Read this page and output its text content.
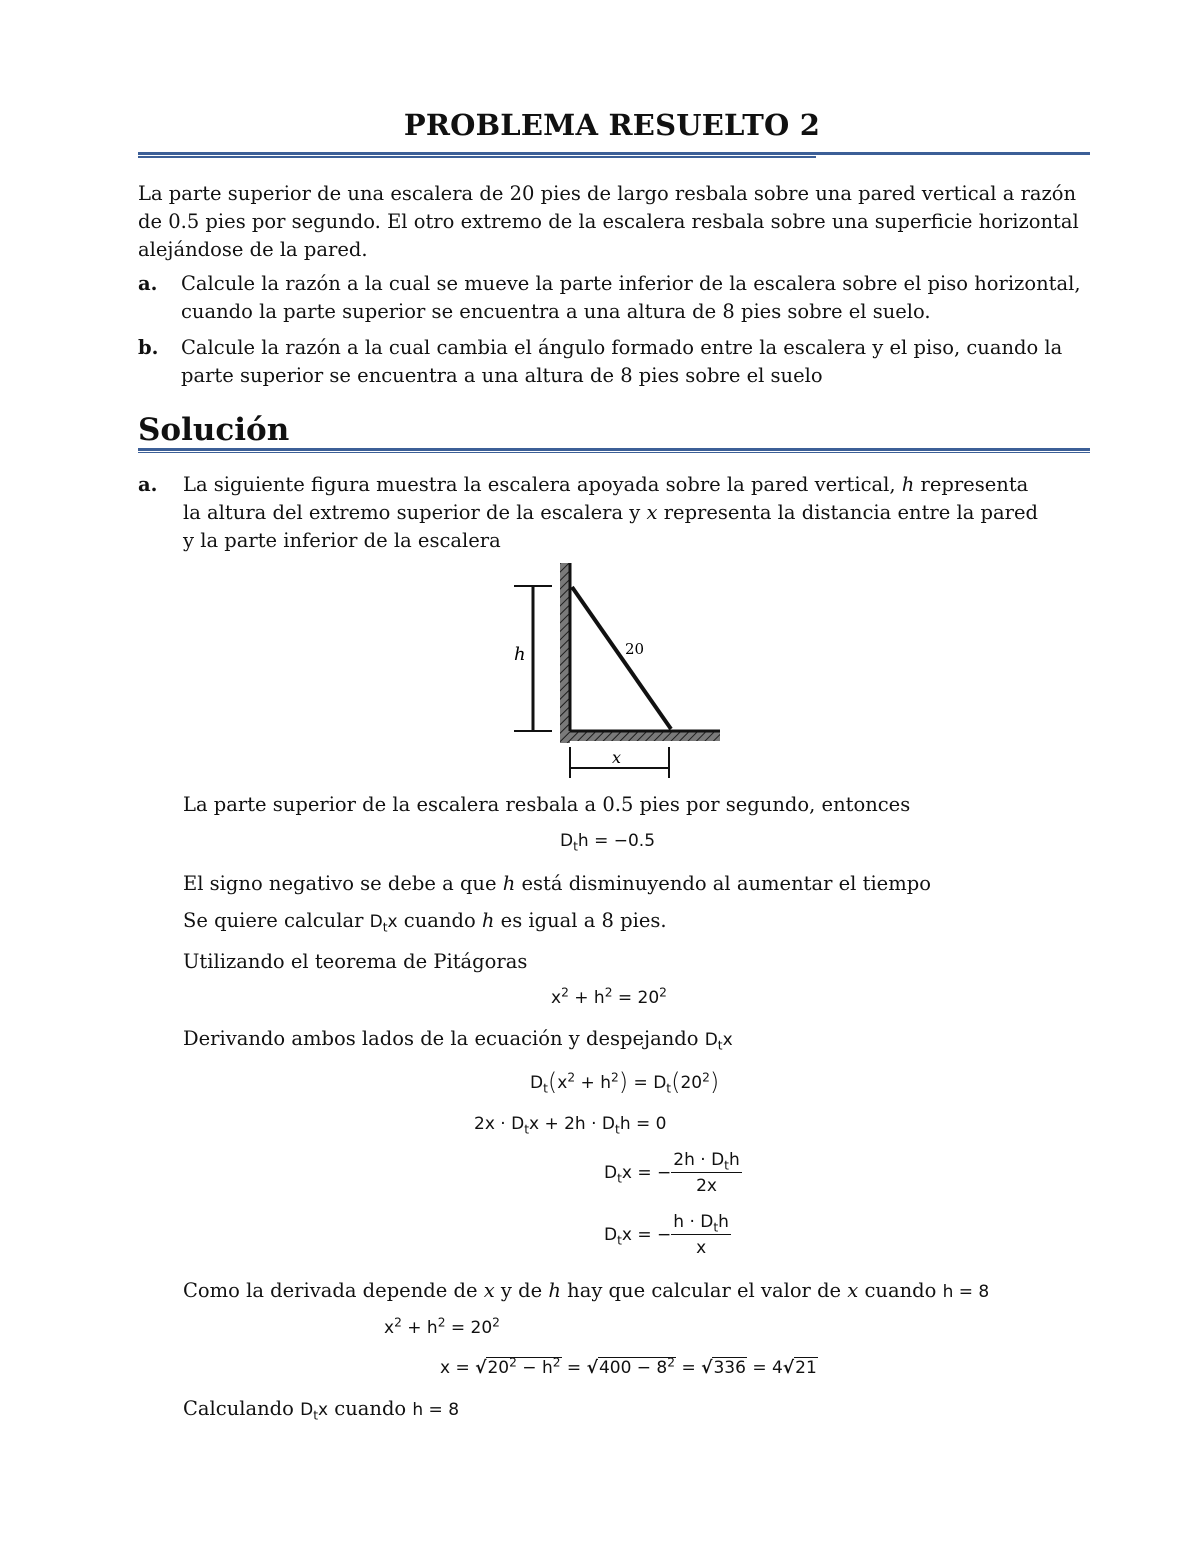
PROBLEMA RESUELTO 2
La parte superior de una escalera de 20 pies de largo resbala sobre una pared vertical a razón
de 0.5 pies por segundo. El otro extremo de la escalera resbala sobre una superficie horizontal
alejándose de la pared.
a. Calcule la razón a la cual se mueve la parte inferior de la escalera sobre el piso horizontal,
cuando la parte superior se encuentra a una altura de 8 pies sobre el suelo.
b. Calcule la razón a la cual cambia el ángulo formado entre la escalera y el piso, cuando la
parte superior se encuentra a una altura de 8 pies sobre el suelo
Solución
a. La siguiente figura muestra la escalera apoyada sobre la pared vertical, h representa
la altura del extremo superior de la escalera y x representa la distancia entre la pared
y la parte inferior de la escalera
20
h
x
La parte superior de la escalera resbala a 0.5 pies por segundo, entonces
$D_th = -0.5$
El signo negativo se debe a que h está disminuyendo al aumentar el tiempo
Se quiere calcular $D_tx$ cuando h es igual a 8 pies.
Utilizando el teorema de Pitágoras
$x^2 + h^2 = 20^2$
Derivando ambos lados de la ecuación y despejando $D_tx$
$D_t(x^2 + h^2) = D_t(20^2)$
$2x \cdot D_tx + 2h \cdot D_th = 0$
$D_tx$ = − $\frac{2h \cdot D_th}{2x}$
$D_tx$ = − $\frac{h \cdot D_th}{x}$
Como la derivada depende de x y de h hay que calcular el valor de x cuando h = 8
$x^2 + h^2 = 20^2$
$x = √20^2 - h^2 = √400 - 8^2 = √336 = 4√21$
Calculando $D_tx$ cuando h = 8
